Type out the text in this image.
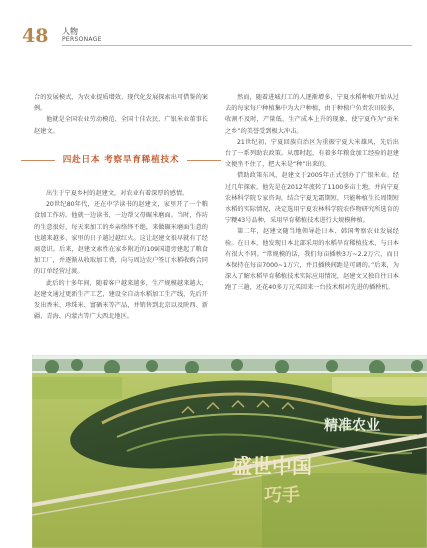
48 人物
PERSONAGE

合的发展模式，为农业提质增效、现代化发展探索出可借鉴的案例。

他就是全国农业劳动模范、全国十佳农民、广银米业董事长赵建文。

四赴日本 考察旱育稀植技术

出生于宁夏乡村的赵建文，对农业有着深厚的感情。

20世纪80年代，还在中学读书的赵建文，家里开了一个粮食加工作坊。他就一边读书，一边帮父母碾米磨面。当时，作坊的生意很好，每天来加工的乡亲络绎不绝，来做碾米磨面生意的也越来越多，家里的日子越过越红火。这让赵建文很早就有了经商意识。后来，赵建文索性在家乡附近的109国道旁建起了粮食加工厂，并逐渐从收取加工费，向与周边农户签订水稻收购合同的订单经营过渡。

此后的十多年间，随着客户越来越多，生产规模越来越大，赵建文通过更新生产工艺，建设全自动水稻加工生产线，先后开发出香米、珍珠米、富硒米等产品，并销售到北京以及陕西、新疆、青海、内蒙古等广大西北地区。

然而，随着进城打工的人逐渐增多，宁夏水稻种植开始从过去的每家每户种植集中为大户种植，由于种植户负责农田较多，收割不及时，产量低、生产成本上升的现象，使宁夏作为“贡米之乡”的美誉受到极大冲击。

21世纪初，宁夏回族自治区为重振宁夏大米雄风，先后出台了一系列助农政策。从那时起，有着多年粮食加工经验的赵建文便坐不住了，把大米是“种”出来的。

借助政策东风，赵建文于2005年正式创办了广银米业。经过几年探索，他先是在2012年流转了1100多亩土地，并向宁夏农林科学院专家咨询，结合宁夏无霜期短，只能种植生长周期短水稻的实际情况，决定选用宁夏农林科学院农作物研究所选育的宁粳43号品种，采用旱育稀植技术进行大规模种植。

第二年，赵建文随当地领导赴日本、韩国考察农业发展经验。在日本，他发现日本北部采用的水稻旱育稀植技术，与日本有很大不同。“常规模的话，我们每亩插秧3万~2.2万穴，而日本保持在每亩7000~1万穴，并且插秧间距是可调的。”后来，为深入了解水稻旱育稀植技术实际应用情况，赵建文又独自往日本跑了三趟，还花40多万元买回来一台技术相对先进的插秧机。

精准农业
盛世中国
巧手
